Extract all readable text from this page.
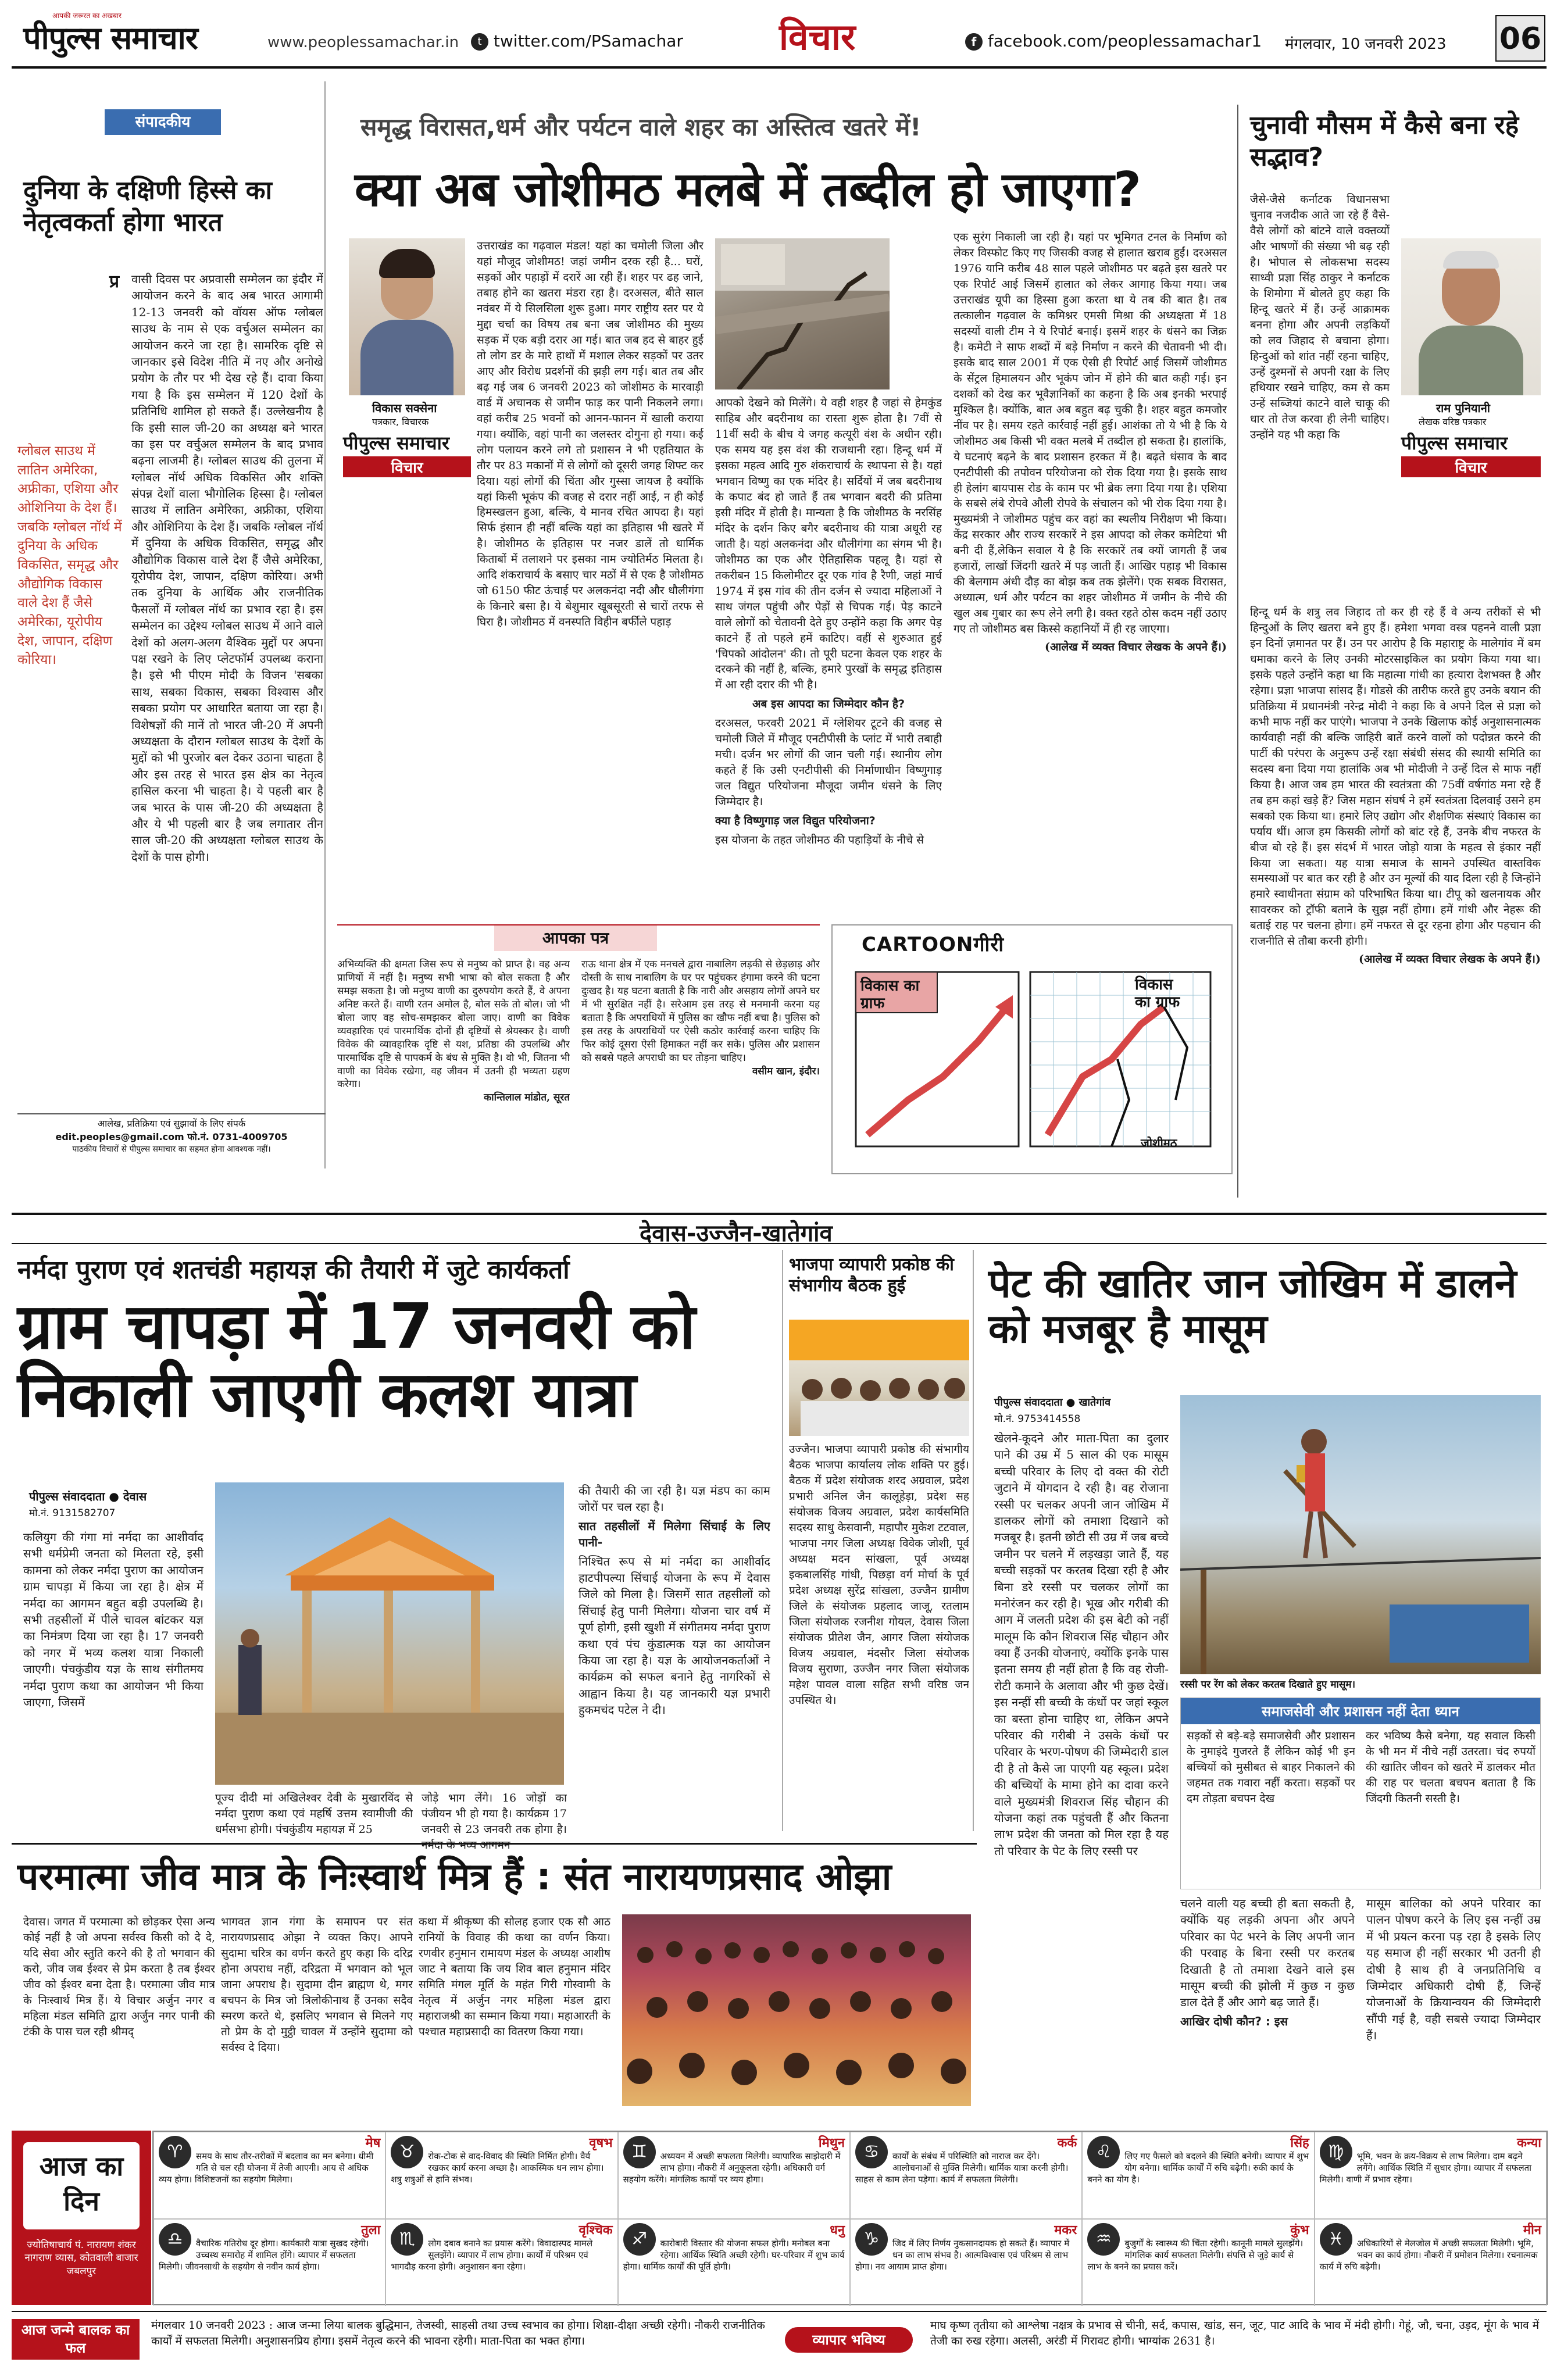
पीपुल्स समाचार
आपकी जरूरत का अखबार
www.peoplessamachar.in	t twitter.com/PSamachar	विचार	f facebook.com/peoplessamachar1 मंगलवार, 10 जनवरी 2023 06
संपादकीय
दुनिया के दक्षिणी हिस्से का नेतृत्वकर्ता होगा भारत
प्र वासी दिवस पर अप्रवासी सम्मेलन का इंदौर में आयोजन करने के बाद अब भारत आगामी 12-13 जनवरी को वॉयस ऑफ ग्लोबल साउथ के नाम से एक वर्चुअल सम्मेलन का आयोजन करने जा रहा है। सामरिक दृष्टि से जानकार इसे विदेश नीति में नए और अनोखे प्रयोग के तौर पर भी देख रहे हैं। दावा किया गया है कि इस सम्मेलन में 120 देशों के प्रतिनिधि शामिल हो सकते हैं। उल्लेखनीय है कि इसी साल जी-20 का अध्यक्ष बने भारत का इस पर वर्चुअल सम्मेलन के बाद प्रभाव बढ़ना लाजमी है। ग्लोबल साउथ की तुलना में ग्लोबल नॉर्थ अधिक विकसित और शक्ति संपन्न देशों वाला भौगोलिक हिस्सा है। ग्लोबल साउथ में लातिन अमेरिका, अफ्रीका, एशिया और ओशिनिया के देश हैं। जबकि ग्लोबल नॉर्थ में दुनिया के अधिक विकसित, समृद्ध और औद्योगिक विकास वाले देश हैं जैसे अमेरिका, यूरोपीय देश, जापान, दक्षिण कोरिया। अभी तक दुनिया के आर्थिक और राजनीतिक फैसलों में ग्लोबल नॉर्थ का प्रभाव रहा है। इस सम्मेलन का उद्देश्य ग्लोबल साउथ में आने वाले देशों को अलग-अलग वैश्विक मुद्दों पर अपना पक्ष रखने के लिए प्लेटफॉर्म उपलब्ध कराना है। इसे भी पीएम मोदी के विजन 'सबका साथ, सबका विकास, सबका विश्वास और सबका प्रयोग पर आधारित बताया जा रहा है। विशेषज्ञों की मानें तो भारत जी-20 में अपनी अध्यक्षता के दौरान ग्लोबल साउथ के देशों के मुद्दों को भी पुरजोर बल देकर उठाना चाहता है और इस तरह से भारत इस क्षेत्र का नेतृत्व हासिल करना भी चाहता है। ये पहली बार है जब भारत के पास जी-20 की अध्यक्षता है और ये भी पहली बार है जब लगातार तीन साल जी-20 की अध्यक्षता ग्लोबल साउथ के देशों के पास होगी।
ग्लोबल साउथ में लातिन अमेरिका, अफ्रीका, एशिया और ओशिनिया के देश हैं। जबकि ग्लोबल नॉर्थ में दुनिया के अधिक विकसित, समृद्ध और औद्योगिक विकास वाले देश हैं जैसे अमेरिका, यूरोपीय देश, जापान, दक्षिण कोरिया।
आलेख, प्रतिक्रिया एवं सुझावों के लिए संपर्क
edit.peoples@gmail.com फो.नं. 0731-4009705
पाठकीय विचारों से पीपुल्स समाचार का सहमत होना आवश्यक नहीं।
समृद्ध विरासत,धर्म और पर्यटन वाले शहर का अस्तित्व खतरे में!
क्या अब जोशीमठ मलबे में तब्दील हो जाएगा?
विकास सक्सेना
पत्रकार, विचारक
पीपुल्स समाचार
विचार
उत्तराखंड का गढ़वाल मंडल! यहां का चमोली जिला और यहां मौजूद जोशीमठ! जहां जमीन दरक रही है... घरों, सड़कों और पहाड़ों में दरारें आ रही हैं। शहर पर ढह जाने, तबाह होने का खतरा मंडरा रहा है। दरअसल, बीते साल नवंबर में ये सिलसिला शुरू हुआ। मगर राष्ट्रीय स्तर पर ये मुद्दा चर्चा का विषय तब बना जब जोशीमठ की मुख्य सड़क में एक बड़ी दरार आ गई। बात जब हद से बाहर हुई तो लोग डर के मारे हाथों में मशाल लेकर सड़कों पर उतर आए और विरोध प्रदर्शनों की झड़ी लग गई। बात तब और बढ़ गई जब 6 जनवरी 2023 को जोशीमठ के मारवाड़ी वार्ड में अचानक से जमीन फाड़ कर पानी निकलने लगा। वहां करीब 25 भवनों को आनन-फानन में खाली कराया गया। क्योंकि, वहां पानी का जलस्तर दोगुना हो गया। कई लोग पलायन करने लगे तो प्रशासन ने भी एहतियात के तौर पर 83 मकानों में से लोगों को दूसरी जगह शिफ्ट कर दिया। यहां लोगों की चिंता और गुस्सा जायज है क्योंकि यहां किसी भूकंप की वजह से दरार नहीं आई, न ही कोई हिमस्खलन हुआ, बल्कि, ये मानव रचित आपदा है। यहां सिर्फ इंसान ही नहीं बल्कि यहां का इतिहास भी खतरे में है। जोशीमठ के इतिहास पर नजर डालें तो धार्मिक किताबों में तलाशने पर इसका नाम ज्योतिर्मठ मिलता है। आदि शंकराचार्य के बसाए चार मठों में से एक है जोशीमठ जो 6150 फीट ऊंचाई पर अलकनंदा नदी और धौलीगंगा के किनारे बसा है। ये बेशुमार खूबसूरती से चारों तरफ से घिरा है। जोशीमठ में वनस्पति विहीन बर्फीले पहाड़
आपको देखने को मिलेंगे। ये वही शहर है जहां से हेमकुंड साहिब और बदरीनाथ का रास्ता शुरू होता है। 7वीं से 11वीं सदी के बीच ये जगह कत्यूरी वंश के अधीन रही। एक समय यह इस वंश की राजधानी रहा। हिन्दू धर्म में इसका महत्व आदि गुरु शंकराचार्य के स्थापना से है। यहां भगवान विष्णु का एक मंदिर है। सर्दियों में जब बदरीनाथ के कपाट बंद हो जाते हैं तब भगवान बदरी की प्रतिमा इसी मंदिर में होती है। मान्यता है कि जोशीमठ के नरसिंह मंदिर के दर्शन किए बगैर बदरीनाथ की यात्रा अधूरी रह जाती है। यहां अलकनंदा और धौलीगंगा का संगम भी है। जोशीमठ का एक और ऐतिहासिक पहलू है। यहां से तकरीबन 15 किलोमीटर दूर एक गांव है रैणी, जहां मार्च 1974 में इस गांव की तीन दर्जन से ज्यादा महिलाओं ने साथ जंगल पहुंची और पेड़ों से चिपक गई। पेड़ काटने वाले लोगों को चेतावनी देते हुए उन्होंने कहा कि अगर पेड़ काटने हैं तो पहले हमें काटिए। वहीं से शुरुआत हुई 'चिपको आंदोलन' की। तो पूरी घटना केवल एक शहर के दरकने की नहीं है, बल्कि, हमारे पुरखों के समृद्ध इतिहास में आ रही दरार की भी है।
अब इस आपदा का जिम्मेदार कौन है?
दरअसल, फरवरी 2021 में ग्लेशियर टूटने की वजह से चमोली जिले में मौजूद एनटीपीसी के प्लांट में भारी तबाही मची। दर्जन भर लोगों की जान चली गई। स्थानीय लोग कहते हैं कि उसी एनटीपीसी की निर्माणाधीन विष्णुगाड़ जल विद्युत परियोजना मौजूदा जमीन धंसने के लिए जिम्मेदार है।
क्या है विष्णुगाड़ जल विद्युत परियोजना?
इस योजना के तहत जोशीमठ की पहाड़ियों के नीचे से
एक सुरंग निकाली जा रही है। यहां पर भूमिगत टनल के निर्माण को लेकर विस्फोट किए गए जिसकी वजह से हालात खराब हुईं। दरअसल 1976 यानि करीब 48 साल पहले जोशीमठ पर बढ़ते इस खतरे पर एक रिपोर्ट आई जिसमें हालात को लेकर आगाह किया गया। जब उत्तराखंड यूपी का हिस्सा हुआ करता था ये तब की बात है। तब तत्कालीन गढ़वाल के कमिश्नर एमसी मिश्रा की अध्यक्षता में 18 सदस्यों वाली टीम ने ये रिपोर्ट बनाई। इसमें शहर के धंसने का जिक्र है। कमेटी ने साफ शब्दों में बड़े निर्माण न करने की चेतावनी भी दी। इसके बाद साल 2001 में एक ऐसी ही रिपोर्ट आई जिसमें जोशीमठ के सेंट्रल हिमालयन और भूकंप जोन में होने की बात कही गई। इन दशकों को देख कर भूवैज्ञानिकों का कहना है कि अब इनकी भरपाई मुश्किल है। क्योंकि, बात अब बहुत बढ़ चुकी है। शहर बहुत कमजोर नींव पर है। समय रहते कार्रवाई नहीं हुई। आशंका तो ये भी है कि ये जोशीमठ अब किसी भी वक्त मलबे में तब्दील हो सकता है। हालांकि, ये घटनाएं बढ़ने के बाद प्रशासन हरकत में है। बढ़ते धंसाव के बाद एनटीपीसी की तपोवन परियोजना को रोक दिया गया है। इसके साथ ही हेलांग बायपास रोड के काम पर भी ब्रेक लगा दिया गया है। एशिया के सबसे लंबे रोपवे औली रोपवे के संचालन को भी रोक दिया गया है। मुख्यमंत्री ने जोशीमठ पहुंच कर वहां का स्थलीय निरीक्षण भी किया। केंद्र सरकार और राज्य सरकारें ने इस आपदा को लेकर कमेटियां भी बनी दी हैं,लेकिन सवाल ये है कि सरकारें तब क्यों जागती हैं जब हजारों, लाखों जिंदगी खतरे में पड़ जाती हैं। आखिर पहाड़ भी विकास की बेलगाम अंधी दौड़ का बोझ कब तक झेलेंगे। एक सबक विरासत, अध्यात्म, धर्म और पर्यटन का शहर जोशीमठ में जमीन के नीचे की खुल अब गुबार का रूप लेने लगी है। वक्त रहते ठोस कदम नहीं उठाए गए तो जोशीमठ बस किस्से कहानियों में ही रह जाएगा।
(आलेख में व्यक्त विचार लेखक के अपने हैं।)
चुनावी मौसम में कैसे बना रहे सद्भाव?
जैसे-जैसे कर्नाटक विधानसभा चुनाव नजदीक आते जा रहे हैं वैसे-वैसे लोगों को बांटने वाले वक्तव्यों और भाषणों की संख्या भी बढ़ रही है। भोपाल से लोकसभा सदस्य साध्वी प्रज्ञा सिंह ठाकुर ने कर्नाटक के शिमोगा में बोलते हुए कहा कि हिन्दू खतरे में हैं। उन्हें आक्रामक बनना होगा और अपनी लड़कियों को लव जिहाद से बचाना होगा। हिन्दुओं को शांत नहीं रहना चाहिए, उन्हें दुश्मनों से अपनी रक्षा के लिए हथियार रखने चाहिए, कम से कम उन्हें सब्जियां काटने वाले चाकू की धार तो तेज करवा ही लेनी चाहिए। उन्होंने यह भी कहा कि
राम पुनियानी
लेखक वरिष्ठ पत्रकार
पीपुल्स समाचार
विचार
हिन्दू धर्म के शत्रु लव जिहाद तो कर ही रहे हैं वे अन्य तरीकों से भी हिन्दुओं के लिए खतरा बने हुए हैं। हमेशा भगवा वस्त्र पहनने वाली प्रज्ञा इन दिनों ज़मानत पर हैं। उन पर आरोप है कि महाराष्ट्र के मालेगांव में बम धमाका करने के लिए उनकी मोटरसाइकिल का प्रयोग किया गया था। इसके पहले उन्होंने कहा था कि महात्मा गांधी का हत्यारा देशभक्त है और रहेगा। प्रज्ञा भाजपा सांसद हैं। गोडसे की तारीफ करते हुए उनके बयान की प्रतिक्रिया में प्रधानमंत्री नरेन्द्र मोदी ने कहा कि वे अपने दिल से प्रज्ञा को कभी माफ नहीं कर पाएंगे। भाजपा ने उनके खिलाफ कोई अनुशासनात्मक कार्यवाही नहीं की बल्कि जाहिरी बातें करने वालों को पदोन्नत करने की पार्टी की परंपरा के अनुरूप उन्हें रक्षा संबंधी संसद की स्थायी समिति का सदस्य बना दिया गया हालांकि अब भी मोदीजी ने उन्हें दिल से माफ नहीं किया है। आज जब हम भारत की स्वतंत्रता की 75वीं वर्षगांठ मना रहे हैं तब हम कहां खड़े हैं? जिस महान संघर्ष ने हमें स्वतंत्रता दिलवाई उसने हम सबको एक किया था। हमारे लिए उद्योग और शैक्षणिक संस्थाएं विकास का पर्याय थीं। आज हम किसकी लोगों को बांट रहे हैं, उनके बीच नफरत के बीज बो रहे हैं। इस संदर्भ में भारत जोड़ो यात्रा के महत्व से इंकार नहीं किया जा सकता। यह यात्रा समाज के सामने उपस्थित वास्तविक समस्याओं पर बात कर रही है और उन मूल्यों की याद दिला रही है जिन्होंने हमारे स्वाधीनता संग्राम को परिभाषित किया था। टीपू को खलनायक और सावरकर को ट्रॉफी बताने के सुझ नहीं होगा। हमें गांधी और नेहरू की बताई राह पर चलना होगा। हमें नफरत से दूर रहना होगा और पहचान की राजनीति से तौबा करनी होगी।
(आलेख में व्यक्त विचार लेखक के अपने हैं।)
आपका पत्र
अभिव्यक्ति की क्षमता जिस रूप से मनुष्य को प्राप्त है। वह अन्य प्राणियों में नहीं है। मनुष्य सभी भाषा को बोल सकता है और समझ सकता है। जो मनुष्य वाणी का दुरुपयोग करते हैं, वे अपना अनिष्ट करते हैं। वाणी रतन अमोल है, बोल सके तो बोल। जो भी बोला जाए वह सोच-समझकर बोला जाए। वाणी का विवेक व्यवहारिक एवं पारमार्थिक दोनों ही दृष्टियों से श्रेयस्कर है। वाणी विवेक की व्यावहारिक दृष्टि से यश, प्रतिष्ठा की उपलब्धि और पारमार्थिक दृष्टि से पापकर्म के बंध से मुक्ति है। वो भी, जितना भी वाणी का विवेक रखेगा, वह जीवन में उतनी ही भव्यता ग्रहण करेगा।
कान्तिलाल मांडोत, सूरत
राऊ थाना क्षेत्र में एक मनचले द्वारा नाबालिग लड़की से छेड़छाड़ और दोस्ती के साथ नाबालिग के घर पर पहुंचकर हंगामा करने की घटना दुःखद है। यह घटना बताती है कि नारी और असहाय लोगों अपने घर में भी सुरक्षित नहीं है। सरेआम इस तरह से मनमानी करना यह बताता है कि अपराधियों में पुलिस का खौफ नहीं बचा है। पुलिस को इस तरह के अपराधियों पर ऐसी कठोर कार्रवाई करना चाहिए कि फिर कोई दूसरा ऐसी हिमाकत नहीं कर सके। पुलिस और प्रशासन को सबसे पहले अपराधी का घर तोड़ना चाहिए।
वसीम खान, इंदौर।
CARTOONगीरी
विकास का ग्राफ
विकास का ग्राफ
जोशीमठ
देवास-उज्जैन-खातेगांव
नर्मदा पुराण एवं शतचंडी महायज्ञ की तैयारी में जुटे कार्यकर्ता
ग्राम चापड़ा में 17 जनवरी को निकाली जाएगी कलश यात्रा
पीपुल्स संवाददाता ● देवास
मो.नं. 9131582707
कलियुग की गंगा मां नर्मदा का आशीर्वाद सभी धर्मप्रेमी जनता को मिलता रहे, इसी कामना को लेकर नर्मदा पुराण का आयोजन ग्राम चापड़ा में किया जा रहा है। क्षेत्र में नर्मदा का आगमन बहुत बड़ी उपलब्धि है। सभी तहसीलों में पीले चावल बांटकर यज्ञ का निमंत्रण दिया जा रहा है। 17 जनवरी को नगर में भव्य कलश यात्रा निकाली जाएगी। पंचकुंडीय यज्ञ के साथ संगीतमय नर्मदा पुराण कथा का आयोजन भी किया जाएगा, जिसमें
पूज्य दीदी मां अखिलेश्वर देवी के मुखारविंद से नर्मदा पुराण कथा एवं महर्षि उत्तम स्वामीजी की धर्मसभा होगी। पंचकुंडीय महायज्ञ में 25
जोड़े भाग लेंगे। 16 जोड़ों का पंजीयन भी हो गया है। कार्यक्रम 17 जनवरी से 23 जनवरी तक होगा है। नर्मदा के भव्य आगमन
की तैयारी की जा रही है। यज्ञ मंडप का काम जोरों पर चल रहा है।
सात तहसीलों में मिलेगा सिंचाई के लिए पानी-
निश्चित रूप से मां नर्मदा का आशीर्वाद हाटपीपल्या सिंचाई योजना के रूप में देवास जिले को मिला है। जिसमें सात तहसीलों को सिंचाई हेतु पानी मिलेगा। योजना चार वर्ष में पूर्ण होगी, इसी खुशी में संगीतमय नर्मदा पुराण कथा एवं पंच कुंडात्मक यज्ञ का आयोजन किया जा रहा है। यज्ञ के आयोजनकर्ताओं ने कार्यक्रम को सफल बनाने हेतु नागरिकों से आह्वान किया है। यह जानकारी यज्ञ प्रभारी हुकमचंद पटेल ने दी।
भाजपा व्यापारी प्रकोष्ठ की संभागीय बैठक हुई
उज्जैन। भाजपा व्यापारी प्रकोष्ठ की संभागीय बैठक भाजपा कार्यालय लोक शक्ति पर हुई। बैठक में प्रदेश संयोजक शरद अग्रवाल, प्रदेश प्रभारी अनिल जैन कालूहेड़ा, प्रदेश सह संयोजक विजय अग्रवाल, प्रदेश कार्यसमिति सदस्य साधु केसवानी, महापौर मुकेश टटवाल, भाजपा नगर जिला अध्यक्ष विवेक जोशी, पूर्व अध्यक्ष मदन सांखला, पूर्व अध्यक्ष इकबालसिंह गांधी, पिछड़ा वर्ग मोर्चा के पूर्व प्रदेश अध्यक्ष सुरेंद्र सांखला, उज्जैन ग्रामीण जिले के संयोजक प्रहलाद जाजू, रतलाम जिला संयोजक रजनीश गोयल, देवास जिला संयोजक प्रीतेश जैन, आगर जिला संयोजक विजय अग्रवाल, मंदसौर जिला संयोजक विजय सुराणा, उज्जैन नगर जिला संयोजक महेश पावल वाला सहित सभी वरिष्ठ जन उपस्थित थे।
पेट की खातिर जान जोखिम में डालने को मजबूर है मासूम
पीपुल्स संवाददाता ● खातेगांव
मो.नं. 9753414558
खेलने-कूदने और माता-पिता का दुलार पाने की उम्र में 5 साल की एक मासूम बच्ची परिवार के लिए दो वक्त की रोटी जुटाने में योगदान दे रही है। वह रोजाना रस्सी पर चलकर अपनी जान जोखिम में डालकर लोगों को तमाशा दिखाने को मजबूर है। इतनी छोटी सी उम्र में जब बच्चे जमीन पर चलने में लड़खड़ा जाते हैं, यह बच्ची सड़कों पर करतब दिखा रही है और बिना डरे रस्सी पर चलकर लोगों का मनोरंजन कर रही है। भूख और गरीबी की आग में जलती प्रदेश की इस बेटी को नहीं मालूम कि कौन शिवराज सिंह चौहान और क्या हैं उनकी योजनाएं, क्योंकि इनके पास इतना समय ही नहीं होता है कि वह रोजी-रोटी कमाने के अलावा और भी कुछ देखें। इस नन्हीं सी बच्ची के कंधों पर जहां स्कूल का बस्ता होना चाहिए था, लेकिन अपने परिवार की गरीबी ने उसके कंधों पर परिवार के भरण-पोषण की जिम्मेदारी डाल दी है तो कैसे जा पाएगी यह स्कूल। प्रदेश की बच्चियों के मामा होने का दावा करने वाले मुख्यमंत्री शिवराज सिंह चौहान की योजना कहां तक पहुंचती हैं और कितना लाभ प्रदेश की जनता को मिल रहा है यह तो परिवार के पेट के लिए रस्सी पर
रस्सी पर रेंग को लेकर करतब दिखाते हुए मासूम।
समाजसेवी और प्रशासन नहीं देता ध्यान
सड़कों से बड़े-बड़े समाजसेवी और प्रशासन के नुमाइंदे गुजरते हैं लेकिन कोई भी इन बच्चियों को मुसीबत से बाहर निकालने की जहमत तक गवारा नहीं करता। सड़कों पर दम तोड़ता बचपन देख
कर भविष्य कैसे बनेगा, यह सवाल किसी के भी मन में नीचे नहीं उतरता। चंद रुपयों की खातिर जीवन को खतरे में डालकर मौत की राह पर चलता बचपन बताता है कि जिंदगी कितनी सस्ती है।
चलने वाली यह बच्ची ही बता सकती है, क्योंकि यह लड़की अपना और अपने परिवार का पेट भरने के लिए अपनी जान की परवाह के बिना रस्सी पर करतब दिखाती है तो तमाशा देखने वाले इस मासूम बच्ची की झोली में कुछ न कुछ डाल देते हैं और आगे बढ़ जाते हैं।
आखिर दोषी कौन? : इस
मासूम बालिका को अपने परिवार का पालन पोषण करने के लिए इस नन्हीं उम्र में भी प्रयत्न करना पड़ रहा है इसके लिए यह समाज ही नहीं सरकार भी उतनी ही दोषी है साथ ही वे जनप्रतिनिधि व जिम्मेदार अधिकारी दोषी हैं, जिन्हें योजनाओं के क्रियान्वयन की जिम्मेदारी सौंपी गई है, वही सबसे ज्यादा जिम्मेदार हैं।
परमात्मा जीव मात्र के निःस्वार्थ मित्र हैं : संत नारायणप्रसाद ओझा
देवास। जगत में परमात्मा को छोड़कर ऐसा अन्य कोई नहीं है जो अपना सर्वस्व किसी को दे दे, यदि सेवा और स्तुति करने की है तो भगवान की करो, जीव जब ईश्वर से प्रेम करता है तब ईश्वर जीव को ईश्वर बना देता है। परमात्मा जीव मात्र के निःस्वार्थ मित्र हैं। ये विचार अर्जुन नगर व महिला मंडल समिति द्वारा अर्जुन नगर पानी की टंकी के पास चल रही श्रीमद्
भागवत ज्ञान गंगा के समापन पर संत नारायणप्रसाद ओझा ने व्यक्त किए। आपने सुदामा चरित्र का वर्णन करते हुए कहा कि दरिद्र होना अपराध नहीं, दरिद्रता में भगवान को भूल जाना अपराध है। सुदामा दीन ब्राह्मण थे, मगर बचपन के मित्र जो त्रिलोकीनाथ हैं उनका सदैव स्मरण करते थे, इसलिए भगवान से मिलने गए तो प्रेम के दो मुट्ठी चावल में उन्होंने सुदामा को सर्वस्व दे दिया।
कथा में श्रीकृष्ण की सोलह हजार एक सौ आठ रानियों के विवाह की कथा का वर्णन किया। रणवीर हनुमान रामायण मंडल के अध्यक्ष आशीष जाट ने बताया कि जय शिव बाल हनुमान मंदिर समिति मंगल मूर्ति के महंत गिरी गोस्वामी के नेतृत्व में अर्जुन नगर महिला मंडल द्वारा महाराजश्री का सम्मान किया गया। महाआरती के पश्चात महाप्रसादी का वितरण किया गया।
आज का दिन
ज्योतिषाचार्य पं. नारायण शंकर नागराण व्यास, कोतवाली बाजार जबलपुर
मेष
♈	समय के साथ तौर-तरीकों में बदलाव का मन बनेगा। धीमी गति से चल रही योजना में तेजी आएगी। आय से अधिक व्यय होगा। विशिष्टजनों का सहयोग मिलेगा।
वृषभ
♉	रोक-टोक से वाद-विवाद की स्थिति निर्मित होगी। वैर्य रखकर कार्य करना अच्छा है। आकस्मिक धन लाभ होगा। शत्रु शत्रुओं से हानि संभव।
मिथुन
♊	अध्ययन में अच्छी सफलता मिलेगी। व्यापारिक साझेदारी में लाभ होगा। नौकरी में अनुकूलता रहेगी। अधिकारी वर्ग सहयोग करेंगे। मांगलिक कार्यों पर व्यय होगा।
कर्क
♋	कार्यों के संबंध में परिस्थिति को नाराज कर देंगे। आलोचनाओं से मुक्ति मिलेगी। धार्मिक यात्रा करनी होगी। साहस से काम लेना पड़ेगा। कार्य में सफलता मिलेगी।
सिंह
♌	लिए गए फैसले को बदलने की स्थिति बनेगी। व्यापार में शुभ योग बनेगा। धार्मिक कार्यों में रुचि बढ़ेगी। रुकी कार्य के बनने का योग है।
कन्या
♍	भूमि, भवन के क्रय-विक्रय से लाभ मिलेगा। दाम बढ़ने लगेंगे। आर्थिक स्थिति में सुधार होगा। व्यापार में सफलता मिलेगी। वाणी में प्रभाव रहेगा।
तुला
♎	वैचारिक गतिरोध दूर होगा। कार्यकारी यात्रा सुखद रहेगी। उच्चस्थ समारोह में शामिल होंगे। व्यापार में सफलता मिलेगी। जीवनसाथी के सहयोग से नवीन कार्य होगा।
वृश्चिक
♏	लोग दबाव बनाने का प्रयास करेंगे। विवादास्पद मामले सुलझेंगे। व्यापार में लाभ होगा। कार्यों में परिश्रम एवं भागदौड़ करना होगी। अनुशासन बना रहेगा।
धनु
♐	कारोबारी विस्तार की योजना सफल होगी। मनोबल बना रहेगा। आर्थिक स्थिति अच्छी रहेगी। घर-परिवार में शुभ कार्य होगा। धार्मिक कार्यों की पूर्ति होगी।
मकर
♑	जिद में लिए निर्णय नुकसानदायक हो सकते हैं। व्यापार में धन का लाभ संभव है। आत्मविश्वास एवं परिश्रम से लाभ होगा। नव आयाम प्राप्त होगा।
कुंभ
♒	बुजुर्गों के स्वास्थ्य की चिंता रहेगी। कानूनी मामले सुलझेंगे। मांगलिक कार्य सफलता मिलेगी। संपत्ति से जुड़े कार्य से लाभ के बनने का प्रयास करें।
मीन
♓	अधिकारियों से मेलजोल में अच्छी सफलता मिलेगी। भूमि, भवन का कार्य होगा। नौकरी में प्रमोशन मिलेगा। रचनात्मक कार्य में रुचि बढ़ेगी।
आज जन्मे बालक का फल
मंगलवार 10 जनवरी 2023 : आज जन्मा लिया बालक बुद्धिमान, तेजस्वी, साहसी तथा उच्च स्वभाव का होगा। शिक्षा-दीक्षा अच्छी रहेगी। नौकरी राजनीतिक कार्यों में सफलता मिलेगी। अनुशासनप्रिय होगा। इसमें नेतृत्व करने की भावना रहेगी। माता-पिता का भक्त होगा।	व्यापार भविष्य
माघ कृष्ण तृतीया को आश्लेषा नक्षत्र के प्रभाव से चीनी, सर्द, कपास, खांड, सन, जूट, पाट आदि के भाव में मंदी होगी। गेहूं, जौ, चना, उड़द, मूंग के भाव में तेजी का रुख रहेगा। अलसी, अरंडी में गिरावट होगी। भाग्यांक 2631 है।
